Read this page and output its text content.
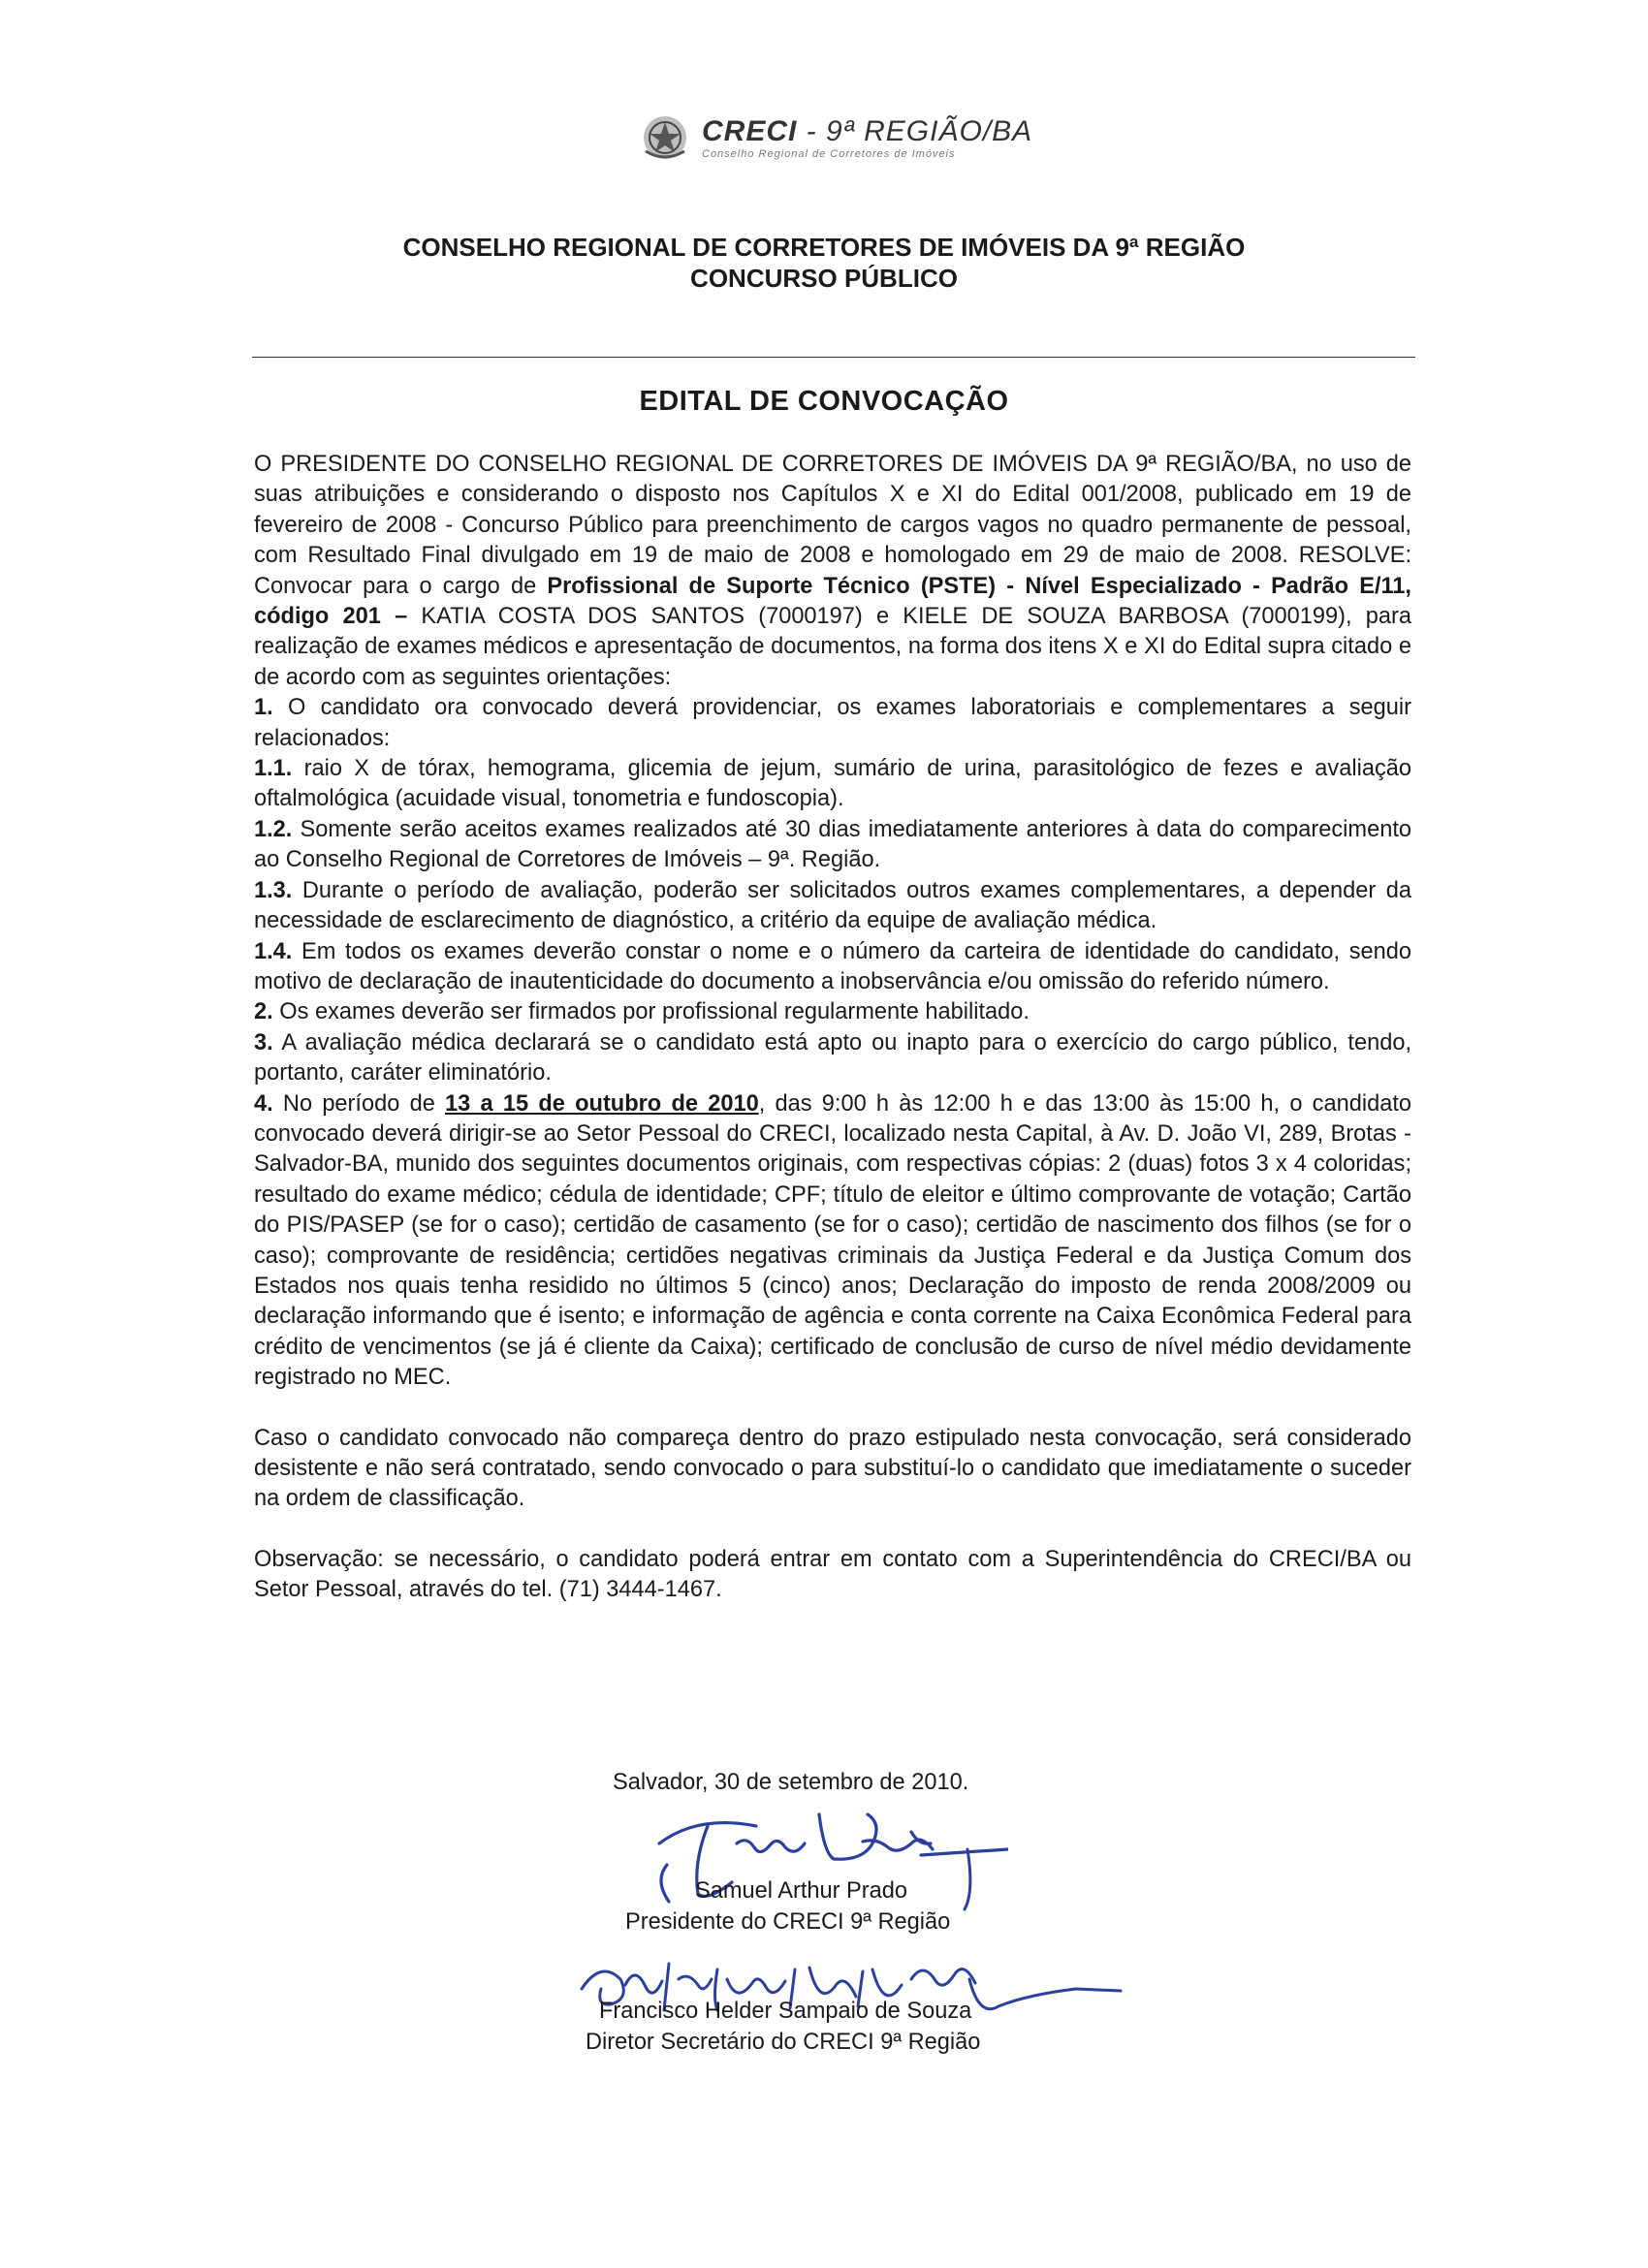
CRECI - 9ª REGIÃO/BA
Conselho Regional de Corretores de Imóveis
CONSELHO REGIONAL DE CORRETORES DE IMÓVEIS DA 9ª REGIÃO
CONCURSO PÚBLICO
EDITAL DE CONVOCAÇÃO

O PRESIDENTE DO CONSELHO REGIONAL DE CORRETORES DE IMÓVEIS DA 9ª REGIÃO/BA, no uso de suas atribuições e considerando o disposto nos Capítulos X e XI do Edital 001/2008, publicado em 19 de fevereiro de 2008 - Concurso Público para preenchimento de cargos vagos no quadro permanente de pessoal, com Resultado Final divulgado em 19 de maio de 2008 e homologado em 29 de maio de 2008. RESOLVE: Convocar para o cargo de Profissional de Suporte Técnico (PSTE) - Nível Especializado - Padrão E/11, código 201 – KATIA COSTA DOS SANTOS (7000197) e KIELE DE SOUZA BARBOSA (7000199), para realização de exames médicos e apresentação de documentos, na forma dos itens X e XI do Edital supra citado e de acordo com as seguintes orientações:

1. O candidato ora convocado deverá providenciar, os exames laboratoriais e complementares a seguir relacionados:

1.1. raio X de tórax, hemograma, glicemia de jejum, sumário de urina, parasitológico de fezes e avaliação oftalmológica (acuidade visual, tonometria e fundoscopia).

1.2. Somente serão aceitos exames realizados até 30 dias imediatamente anteriores à data do comparecimento ao Conselho Regional de Corretores de Imóveis – 9ª. Região.

1.3. Durante o período de avaliação, poderão ser solicitados outros exames complementares, a depender da necessidade de esclarecimento de diagnóstico, a critério da equipe de avaliação médica.

1.4. Em todos os exames deverão constar o nome e o número da carteira de identidade do candidato, sendo motivo de declaração de inautenticidade do documento a inobservância e/ou omissão do referido número.

2. Os exames deverão ser firmados por profissional regularmente habilitado.

3. A avaliação médica declarará se o candidato está apto ou inapto para o exercício do cargo público, tendo, portanto, caráter eliminatório.

4. No período de 13 a 15 de outubro de 2010, das 9:00 h às 12:00 h e das 13:00 às 15:00 h, o candidato convocado deverá dirigir-se ao Setor Pessoal do CRECI, localizado nesta Capital, à Av. D. João VI, 289, Brotas - Salvador-BA, munido dos seguintes documentos originais, com respectivas cópias: 2 (duas) fotos 3 x 4 coloridas; resultado do exame médico; cédula de identidade; CPF; título de eleitor e último comprovante de votação; Cartão do PIS/PASEP (se for o caso); certidão de casamento (se for o caso); certidão de nascimento dos filhos (se for o caso); comprovante de residência; certidões negativas criminais da Justiça Federal e da Justiça Comum dos Estados nos quais tenha residido no últimos 5 (cinco) anos; Declaração do imposto de renda 2008/2009 ou declaração informando que é isento; e informação de agência e conta corrente na Caixa Econômica Federal para crédito de vencimentos (se já é cliente da Caixa); certificado de conclusão de curso de nível médio devidamente registrado no MEC.

Caso o candidato convocado não compareça dentro do prazo estipulado nesta convocação, será considerado desistente e não será contratado, sendo convocado o para substituí-lo o candidato que imediatamente o suceder na ordem de classificação.

Observação: se necessário, o candidato poderá entrar em contato com a Superintendência do CRECI/BA ou Setor Pessoal, através do tel. (71) 3444-1467.

Salvador, 30 de setembro de 2010.
Samuel Arthur Prado
Presidente do CRECI 9ª Região
Francisco Helder Sampaio de Souza
Diretor Secretário do CRECI 9ª Região
